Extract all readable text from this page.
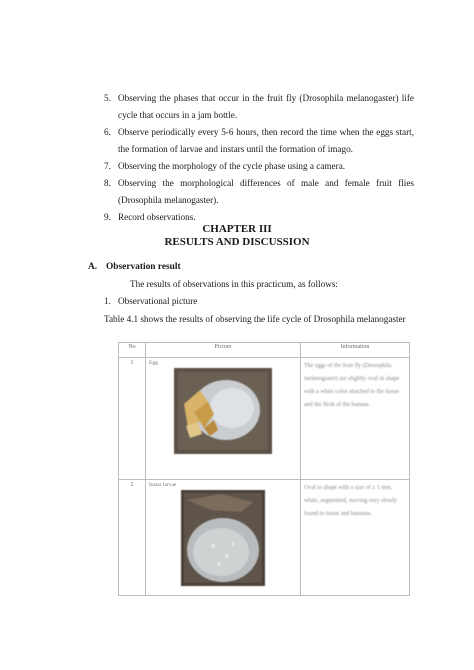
5. Observing the phases that occur in the fruit fly (Drosophila melanogaster) life cycle that occurs in a jam bottle.
6. Observe periodically every 5-6 hours, then record the time when the eggs start, the formation of larvae and instars until the formation of imago.
7. Observing the morphology of the cycle phase using a camera.
8. Observing the morphological differences of male and female fruit flies (Drosophila melanogaster).
9. Record observations.
CHAPTER III
RESULTS AND DISCUSSION
A. Observation result
The results of observations in this practicum, as follows:
1. Observational picture
Table 4.1 shows the results of observing the life cycle of Drosophila melanogaster
No	Picture	Information
1	Egg	The eggs of the fruit fly (Drosophila melanogaster) are slightly oval in shape with a white color attached to the tissue and the flesh of the banana.
2	Instar larvae	Oval in shape with a size of ± 1 mm, white, segmented, moving very slowly found in tissue and bananas.
